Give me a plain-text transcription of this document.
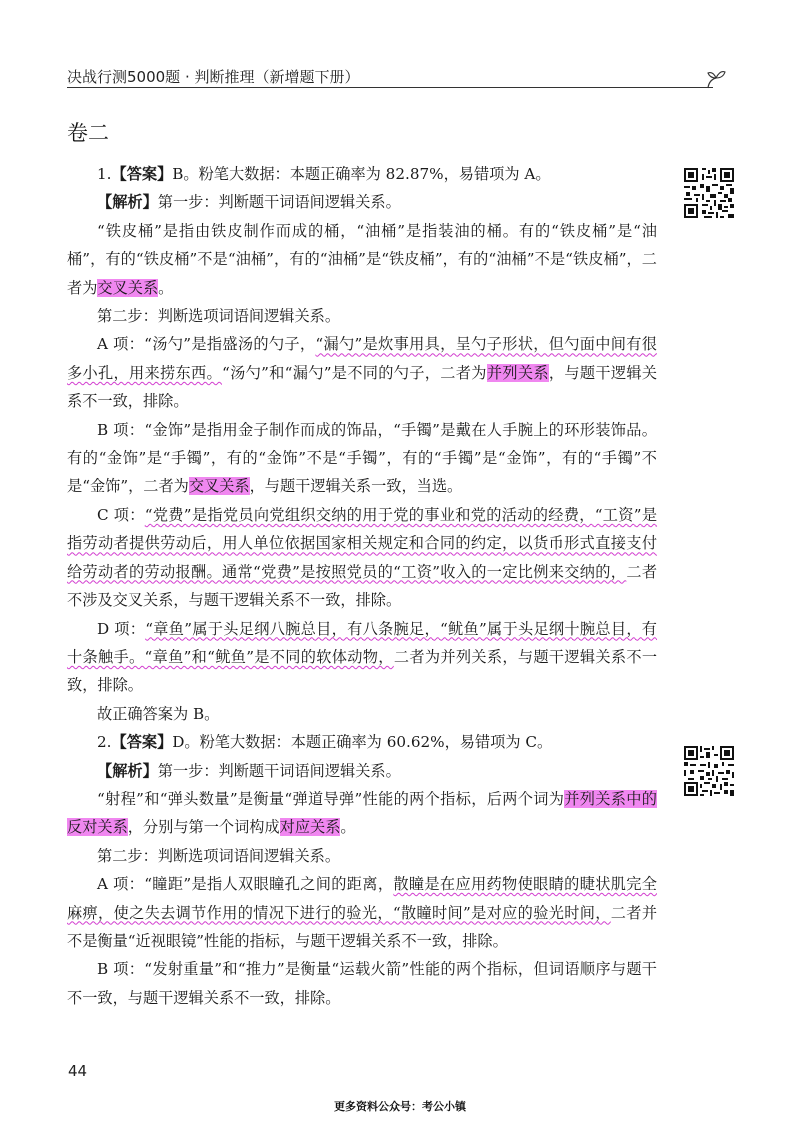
决战行测5000题 · 判断推理（新增题下册）
卷二

1.【答案】B。粉笔大数据：本题正确率为 82.87%，易错项为 A。

【解析】第一步：判断题干词语间逻辑关系。

“铁皮桶”是指由铁皮制作而成的桶，“油桶”是指装油的桶。有的“铁皮桶”是“油桶”，有的“铁皮桶”不是“油桶”，有的“油桶”是“铁皮桶”，有的“油桶”不是“铁皮桶”，二者为交叉关系。

第二步：判断选项词语间逻辑关系。

A 项：“汤勺”是指盛汤的勺子，“漏勺”是炊事用具，呈勺子形状，但勺面中间有很多小孔，用来捞东西。“汤勺”和“漏勺”是不同的勺子，二者为并列关系，与题干逻辑关系不一致，排除。

B 项：“金饰”是指用金子制作而成的饰品，“手镯”是戴在人手腕上的环形装饰品。有的“金饰”是“手镯”，有的“金饰”不是“手镯”，有的“手镯”是“金饰”，有的“手镯”不是“金饰”，二者为交叉关系，与题干逻辑关系一致，当选。

C 项：“党费”是指党员向党组织交纳的用于党的事业和党的活动的经费，“工资”是指劳动者提供劳动后，用人单位依据国家相关规定和合同的约定，以货币形式直接支付给劳动者的劳动报酬。通常“党费”是按照党员的“工资”收入的一定比例来交纳的，二者不涉及交叉关系，与题干逻辑关系不一致，排除。

D 项：“章鱼”属于头足纲八腕总目，有八条腕足，“鱿鱼”属于头足纲十腕总目，有十条触手。“章鱼”和“鱿鱼”是不同的软体动物，二者为并列关系，与题干逻辑关系不一致，排除。

故正确答案为 B。

2.【答案】D。粉笔大数据：本题正确率为 60.62%，易错项为 C。

【解析】第一步：判断题干词语间逻辑关系。

“射程”和“弹头数量”是衡量“弹道导弹”性能的两个指标，后两个词为并列关系中的反对关系，分别与第一个词构成对应关系。

第二步：判断选项词语间逻辑关系。

A 项：“瞳距”是指人双眼瞳孔之间的距离，散瞳是在应用药物使眼睛的睫状肌完全麻痹，使之失去调节作用的情况下进行的验光，“散瞳时间”是对应的验光时间，二者并不是衡量“近视眼镜”性能的指标，与题干逻辑关系不一致，排除。

B 项：“发射重量”和“推力”是衡量“运载火箭”性能的两个指标，但词语顺序与题干不一致，与题干逻辑关系不一致，排除。

44
更多资料公众号：考公小镇
